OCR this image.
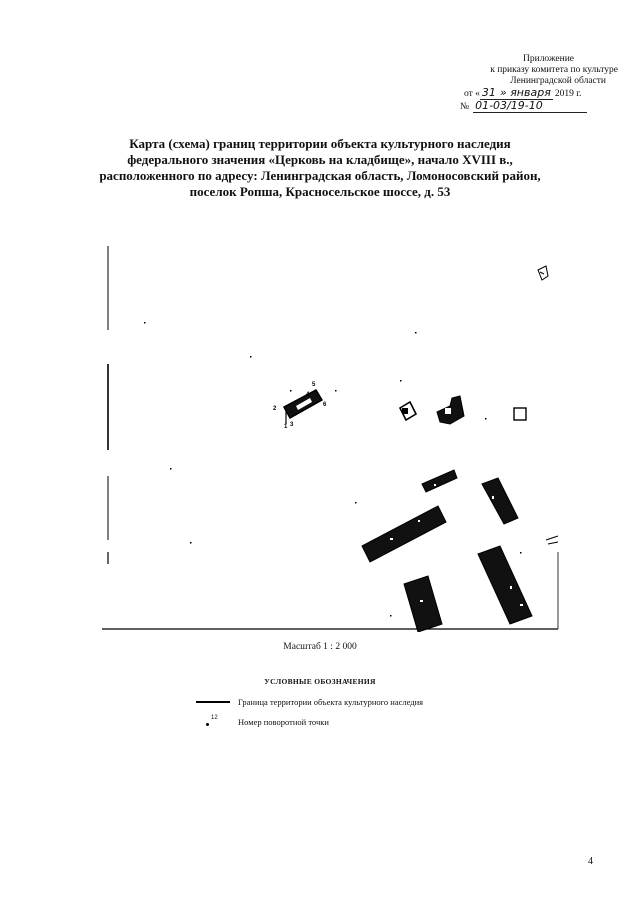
Приложение
к приказу комитета по культуре
Ленинградской области
от « 31 » января 2019 г.
№ 01-03/19-10
Карта (схема) границ территории объекта культурного наследия
федерального значения «Церковь на кладбище», начало XVIII в.,
расположенного по адресу: Ленинградская область, Ломоносовский район,
поселок Ропша, Красносельское шоссе, д. 53
1
2
3
4
5
6
Масштаб 1 : 2 000
УСЛОВНЫЕ ОБОЗНАЧЕНИЯ
Граница территории объекта культурного наследия
12 Номер поворотной точки
4
